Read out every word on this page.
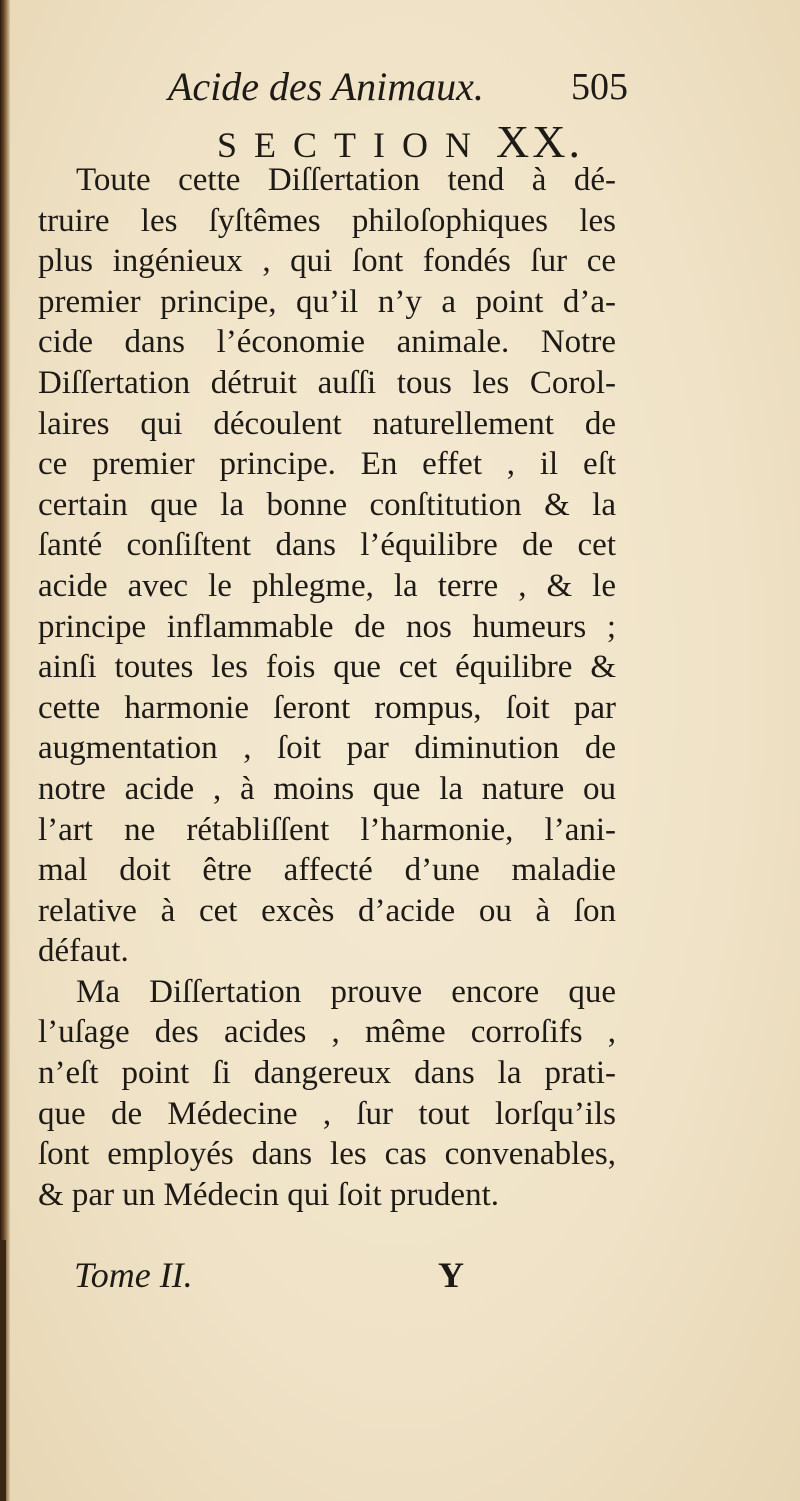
Acide des Animaux. 505
SECTION XX.
Toute cette Diſſertation tend à dé-
truire les ſyſtêmes philoſophiques les
plus ingénieux , qui ſont fondés ſur ce
premier principe, qu’il n’y a point d’a-
cide dans l’économie animale. Notre
Diſſertation détruit auſſi tous les Corol-
laires qui découlent naturellement de
ce premier principe. En effet , il eſt
certain que la bonne conſtitution & la
ſanté conſiſtent dans l’équilibre de cet
acide avec le phlegme, la terre , & le
principe inflammable de nos humeurs ;
ainſi toutes les fois que cet équilibre &
cette harmonie ſeront rompus, ſoit par
augmentation , ſoit par diminution de
notre acide , à moins que la nature ou
l’art ne rétabliſſent l’harmonie, l’ani-
mal doit être affecté d’une maladie
relative à cet excès d’acide ou à ſon
défaut.
Ma Diſſertation prouve encore que
l’uſage des acides , même corroſifs ,
n’eſt point ſi dangereux dans la prati-
que de Médecine , ſur tout lorſqu’ils
ſont employés dans les cas convenables,
& par un Médecin qui ſoit prudent.
Tome II.	Y
